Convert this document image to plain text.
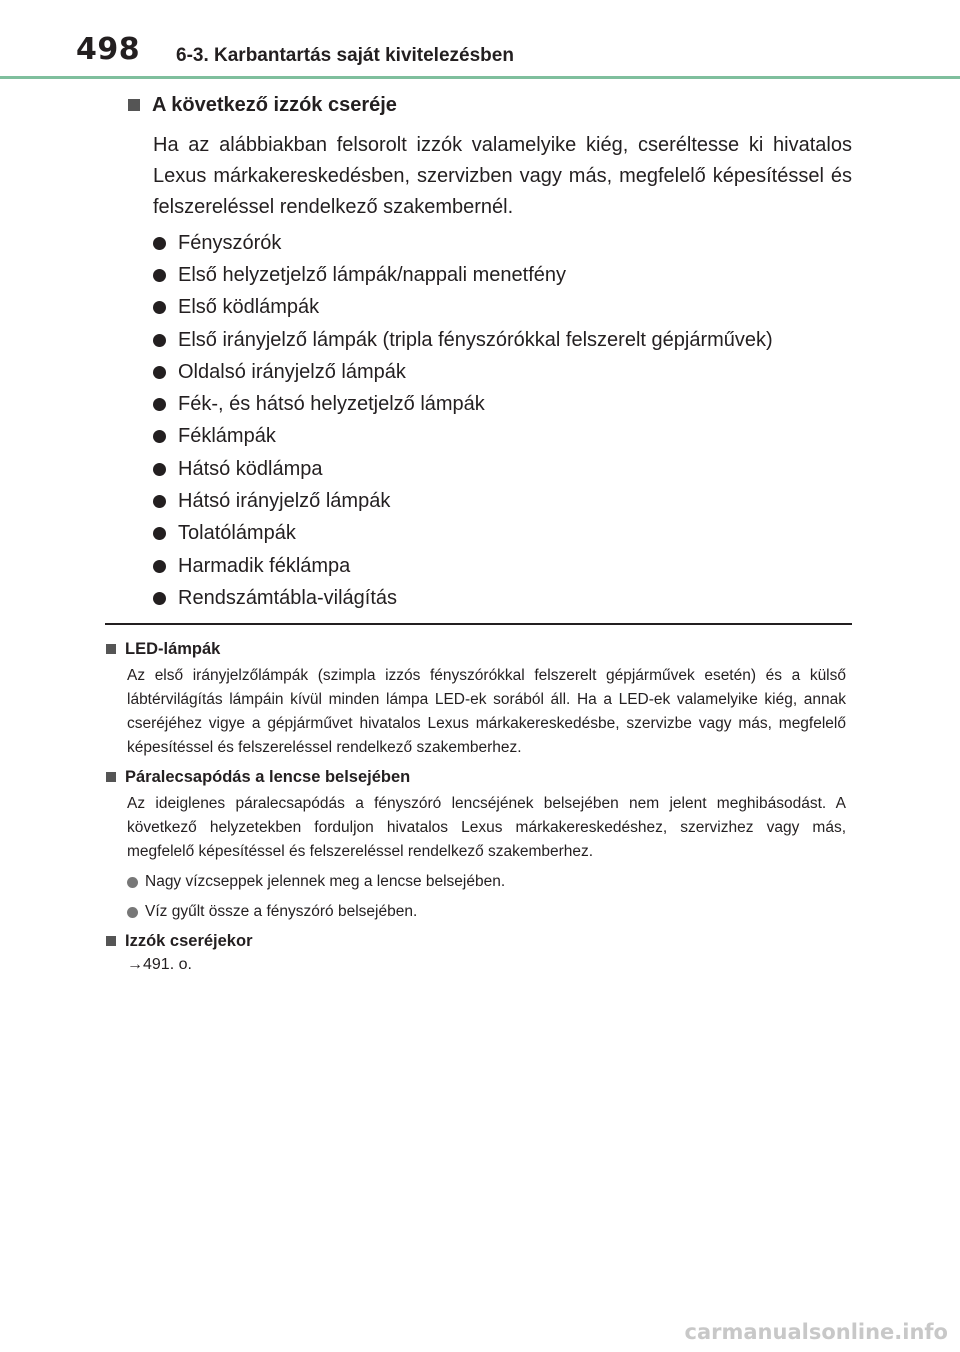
498 6-3. Karbantartás saját kivitelezésben
A következő izzók cseréje
Ha az alábbiakban felsorolt izzók valamelyike kiég, cseréltesse ki hivatalos Lexus márkakereskedésben, szervizben vagy más, megfelelő képesítéssel és felszereléssel rendelkező szakembernél.
Fényszórók
Első helyzetjelző lámpák/nappali menetfény
Első ködlámpák
Első irányjelző lámpák (tripla fényszórókkal felszerelt gépjárművek)
Oldalsó irányjelző lámpák
Fék-, és hátsó helyzetjelző lámpák
Féklámpák
Hátsó ködlámpa
Hátsó irányjelző lámpák
Tolatólámpák
Harmadik féklámpa
Rendszámtábla-világítás
LED-lámpák
Az első irányjelzőlámpák (szimpla izzós fényszórókkal felszerelt gépjárművek esetén) és a külső lábtérvilágítás lámpáin kívül minden lámpa LED-ek sorából áll. Ha a LED-ek valamelyike kiég, annak cseréjéhez vigye a gépjárművet hivatalos Lexus márkakereskedésbe, szervizbe vagy más, megfelelő képesítéssel és felszereléssel rendelkező szakemberhez.
Páralecsapódás a lencse belsejében
Az ideiglenes páralecsapódás a fényszóró lencséjének belsejében nem jelent meghibásodást. A következő helyzetekben forduljon hivatalos Lexus márkakereskedéshez, szervizhez vagy más, megfelelő képesítéssel és felszereléssel rendelkező szakemberhez.
Nagy vízcseppek jelennek meg a lencse belsejében.
Víz gyűlt össze a fényszóró belsejében.
Izzók cseréjekor
→491. o.
carmanualsonline.info
